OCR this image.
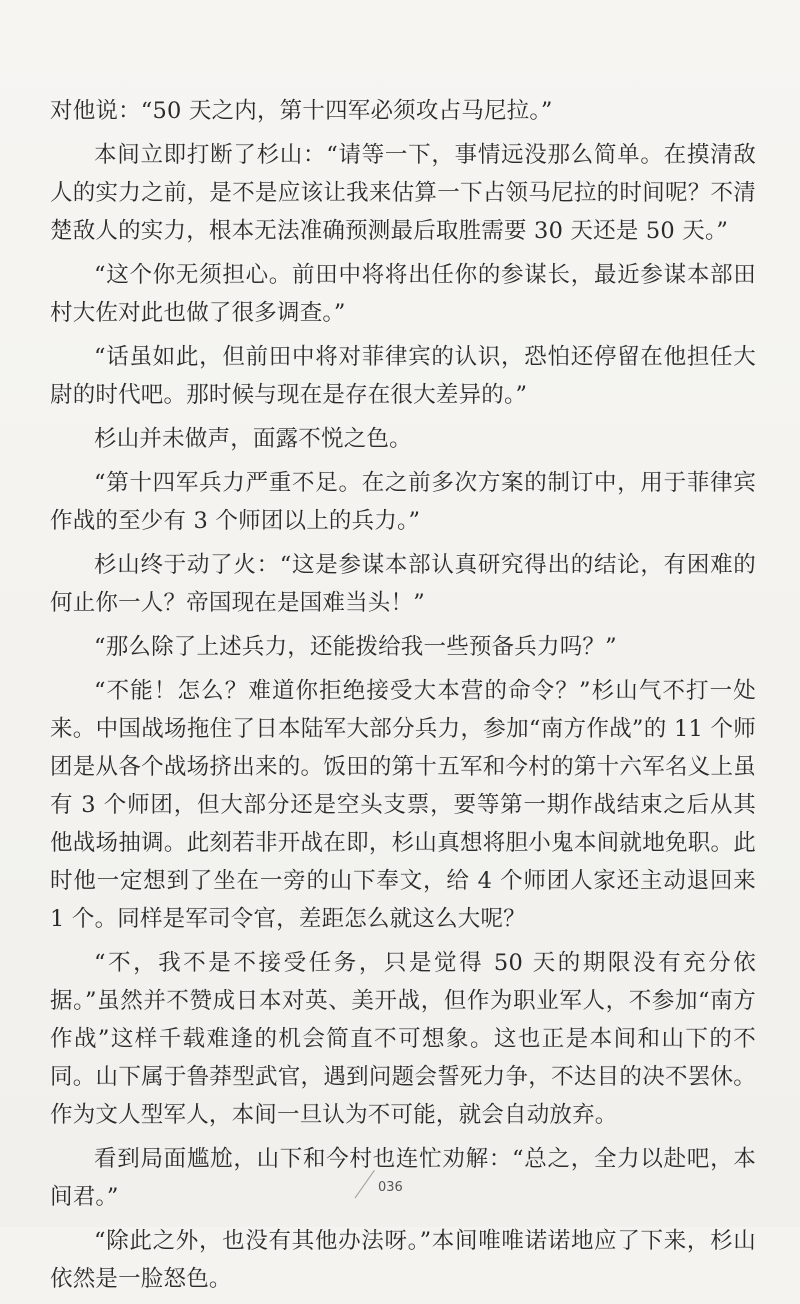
对他说：“50 天之内，第十四军必须攻占马尼拉。”

本间立即打断了杉山：“请等一下，事情远没那么简单。在摸清敌人的实力之前，是不是应该让我来估算一下占领马尼拉的时间呢？不清楚敌人的实力，根本无法准确预测最后取胜需要 30 天还是 50 天。”

“这个你无须担心。前田中将将出任你的参谋长，最近参谋本部田村大佐对此也做了很多调查。”

“话虽如此，但前田中将对菲律宾的认识，恐怕还停留在他担任大尉的时代吧。那时候与现在是存在很大差异的。”

杉山并未做声，面露不悦之色。

“第十四军兵力严重不足。在之前多次方案的制订中，用于菲律宾作战的至少有 3 个师团以上的兵力。”

杉山终于动了火：“这是参谋本部认真研究得出的结论，有困难的何止你一人？帝国现在是国难当头！”

“那么除了上述兵力，还能拨给我一些预备兵力吗？”

“不能！怎么？难道你拒绝接受大本营的命令？”杉山气不打一处来。中国战场拖住了日本陆军大部分兵力，参加“南方作战”的 11 个师团是从各个战场挤出来的。饭田的第十五军和今村的第十六军名义上虽有 3 个师团，但大部分还是空头支票，要等第一期作战结束之后从其他战场抽调。此刻若非开战在即，杉山真想将胆小鬼本间就地免职。此时他一定想到了坐在一旁的山下奉文，给 4 个师团人家还主动退回来 1 个。同样是军司令官，差距怎么就这么大呢？

“不，我不是不接受任务，只是觉得 50 天的期限没有充分依据。”虽然并不赞成日本对英、美开战，但作为职业军人，不参加“南方作战”这样千载难逢的机会简直不可想象。这也正是本间和山下的不同。山下属于鲁莽型武官，遇到问题会誓死力争，不达目的决不罢休。作为文人型军人，本间一旦认为不可能，就会自动放弃。

看到局面尴尬，山下和今村也连忙劝解：“总之，全力以赴吧，本间君。”

“除此之外，也没有其他办法呀。”本间唯唯诺诺地应了下来，杉山依然是一脸怒色。

036
